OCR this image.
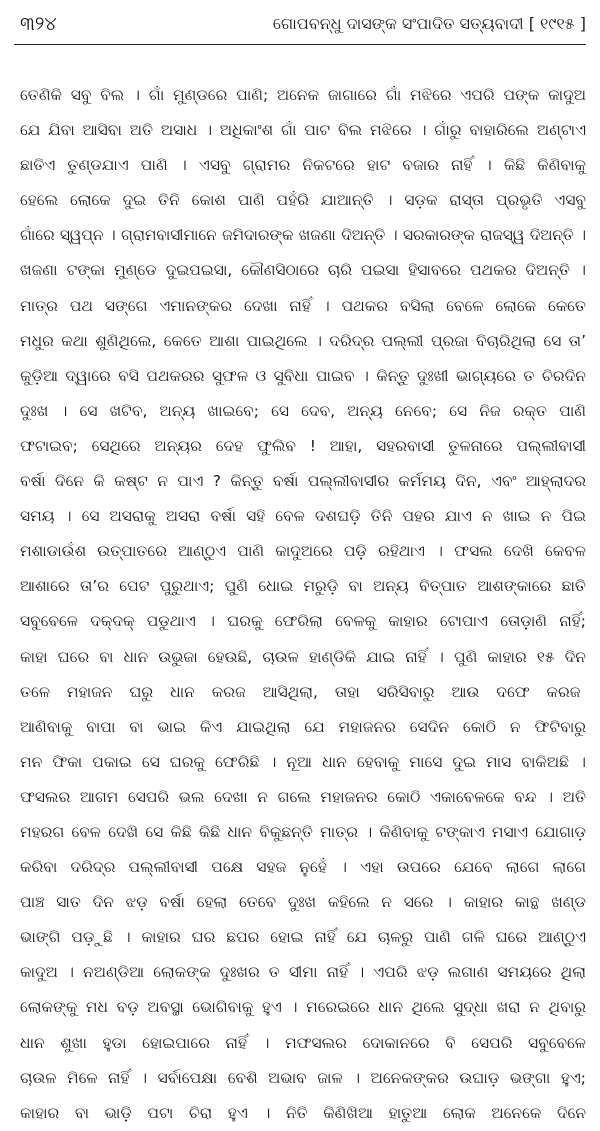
୩୨୪	ଗୋପବନ୍ଧୁ ଦାସଙ୍କ ସଂପାଦିତ ସତ୍ୟବାଦୀ [ ୧୯୧୫ ]
ତେଣିକି ସବୁ ବିଲ । ଗାଁ ମୁଣ୍ଡରେ ପାଣି; ଅନେକ ଜାଗାରେ ଗାଁ ମଝିରେ ଏପରି ପଙ୍କ କାଦୁଅ
ଯେ ଯିବା ଆସିବା ଅତି ଅସାଧ । ଅଧିକାଂଶ ଗାଁ ପାଟ ବିଲ ମଝିରେ । ଗାଁରୁ ବାହାରିଲେ ଅଣ୍ଟାଏ
ଛାତିଏ ତୁଣ୍ଡଯାଏ ପାଣି । ଏସବୁ ଗ୍ରାମର ନିକଟରେ ହାଟ ବଜାର ନାହିଁ । କିଛି କିଣିବାକୁ
ହେଲେ ଲୋକେ ଦୁଇ ତିନି କୋଶ ପାଣି ପହଁରି ଯାଆନ୍ତି । ସଡ଼କ ରାସ୍ତା ପ୍ରଭୃତି ଏସବୁ
ଗାଁରେ ସ୍ୱପ୍ନ । ଗ୍ରାମବାସୀମାନେ ଜମିଦାରଙ୍କ ଖଜଣା ଦିଅନ୍ତି । ସରକାରଙ୍କ ରାଜସ୍ୱ ଦିଅନ୍ତି ।
ଖଜଣା ଟଙ୍କା ମୁଣ୍ଡେ ଦୁଇପଇସା, କୌଣସିଠାରେ ଚାରି ପଇସା ହିସାବରେ ପଥକର ଦିଅନ୍ତି ।
ମାତ୍ର ପଥ ସଙ୍ଗେ ଏମାନଙ୍କର ଦେଖା ନାହିଁ । ପଥକର ବସିଲା ବେଳେ ଲୋକେ କେତେ
ମଧୁର କଥା ଶୁଣିଥିଲେ, କେତେ ଆଶା ପାଇଥିଲେ । ଦରିଦ୍ର ପଲ୍ଲୀ ପ୍ରଜା ବିଚାରିଥିଲା ସେ ତା’
କୁଡ଼ିଆ ଦ୍ୱାରେ ବସି ପଥକରର ସୁଫଳ ଓ ସୁବିଧା ପାଇବ । କିନ୍ତୁ ଦୁଃଖୀ ଭାଗ୍ୟରେ ତ ଚିରଦିନ
ଦୁଃଖ । ସେ ଖଟିବ, ଅନ୍ୟ ଖାଇବେ; ସେ ଦେବ, ଅନ୍ୟ ନେବେ; ସେ ନିଜ ରକ୍ତ ପାଣି
ଫଟାଇବ; ସେଥିରେ ଅନ୍ୟର ଦେହ ଫୁଲିବ ! ଆହା, ସହରବାସୀ ତୁଳନାରେ ପଲ୍ଲୀବାସୀ
ବର୍ଷା ଦିନେ କି କଷ୍ଟ ନ ପାଏ ? କିନ୍ତୁ ବର୍ଷା ପଲ୍ଲୀବାସୀର କର୍ମମୟ ଦିନ, ଏବଂ ଆହ୍ଲାଦର
ସମୟ । ସେ ଅସରାକୁ ଅସରା ବର୍ଷା ସହି ବେଳ ଦଶଘଡ଼ି ତିନି ପହର ଯାଏ ନ ଖାଇ ନ ପିଇ
ମଶାଡାଉଁଶ ଉତ୍ପାତରେ ଆଣ୍ଠୁଏ ପାଣି କାଦୁଅରେ ପଡ଼ି ରହିଥାଏ । ଫସଲ ଦେଖି କେବଳ
ଆଶାରେ ତା’ର ପେଟ ପୁରୁଥାଏ; ପୁଣି ଧୋଇ ମରୁଡ଼ି ବା ଅନ୍ୟ ବିତ୍ପାତ ଆଶଙ୍କାରେ ଛାତି
ସବୁବେଳେ ଦକ୍‌ଦକ୍ ପଡୁଥାଏ । ଘରକୁ ଫେରିଲା ବେଳକୁ କାହାର ଟୋପାଏ ତୋଡ଼ାଣି ନାହିଁ;
କାହା ଘରେ ବା ଧାନ ଉଭୁଜା ହେଉଛି, ଚାଉଳ ହାଣ୍ଡିକି ଯାଇ ନାହିଁ । ପୁଣି କାହାର ୧୫ ଦିନ
ତଳେ ମହାଜନ ଘରୁ ଧାନ କରଜ ଆସିଥିଲା, ତାହା ସରିସିବାରୁ ଆଉ ଦଫେ କରଜ
ଆଣିବାକୁ ବାପା ବା ଭାଇ କିଏ ଯାଇଥିଲା ଯେ ମହାଜନର ସେଦିନ କୋଠି ନ ଫିଟିବାରୁ
ମନ ଫିକା ପକାଇ ସେ ଘରକୁ ଫେରିଛି । ନୂଆ ଧାନ ହେବାକୁ ମାସେ ଦୁଇ ମାସ ବାକିଅଛି ।
ଫସଲର ଆଗମ ସେପରି ଭଲ ଦେଖା ନ ଗଲେ ମହାଜନର କୋଠି ଏକାବେଳକେ ବନ୍ଦ । ଅତି
ମହରଗ ବେଳ ଦେଖି ସେ କିଛି କିଛି ଧାନ ବିକୁଛନ୍ତି ମାତ୍ର । କିଣିବାକୁ ଟଙ୍କାଏ ମସାଏ ଯୋଗାଡ଼
କରିବା ଦରିଦ୍ର ପଲ୍ଲୀବାସୀ ପକ୍ଷେ ସହଜ ନୁହେଁ । ଏହା ଉପରେ ଯେବେ ଲାଗେ ଲାଗେ
ପାଞ୍ଚ ସାତ ଦିନ ଝଡ଼ ବର୍ଷା ହେଲା ତେବେ ଦୁଃଖ କହିଲେ ନ ସରେ । କାହାର କାନ୍ଥ ଖଣ୍ଡ
ଭାଙ୍ଗି ପଡ଼ୁଛି । କାହାର ଘର ଛପର ହୋଇ ନାହିଁ ଯେ ଚାଳରୁ ପାଣି ଗଳି ଘରେ ଆଣ୍ଠୁଏ
କାଦୁଅ । ନଅଣ୍ଡିଆ ଲୋକଙ୍କ ଦୁଃଖର ତ ସୀମା ନାହିଁ । ଏପରି ଝଡ଼ ଲଗାଣ ସମୟରେ ଥିଲା
ଲୋକଙ୍କୁ ମଧ ବଡ଼ ଅବସ୍ଥା ଭୋଗିବାକୁ ହୁଏ । ମରେଇରେ ଧାନ ଥିଲେ ସୁଦ୍ଧା ଖରା ନ ଥିବାରୁ
ଧାନ ଶୁଖା ହୁଡା ହୋଇପାରେ ନାହିଁ । ମଫସଲର ଦୋକାନରେ ବି ସେପରି ସବୁବେଳେ
ଚାଉଳ ମିଳେ ନାହିଁ । ସର୍ବାପେକ୍ଷା ବେଶି ଅଭାବ ଜାଳ । ଅନେକଙ୍କର ଉଘାଡ଼ ଭଙ୍ଗା ହୁଏ;
କାହାର ବା ଭାଡ଼ି ପଟା ଚିରା ହୁଏ । ନିତି କିଣିଖିଆ ହାତୁଆ ଲୋକ ଅନେକେ ଦିନେ
